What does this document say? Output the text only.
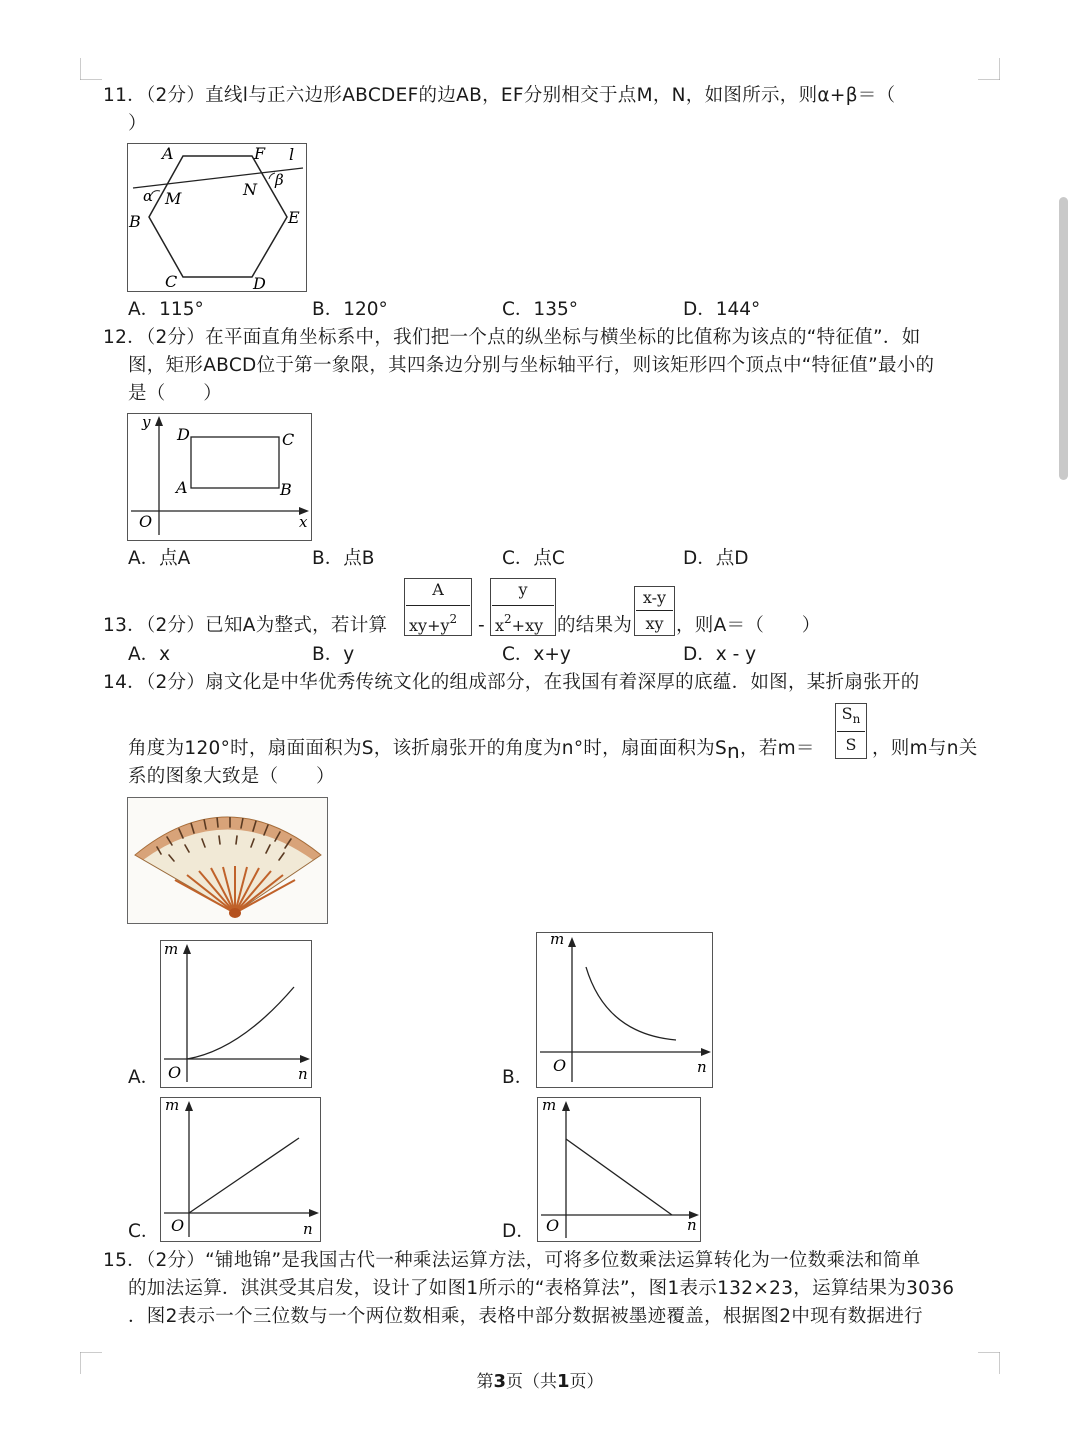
11．（2分）直线l与正六边形ABCDEF的边AB，EF分别相交于点M，N，如图所示，则α+β＝（
）
A	F l
α M	N β
B	E
C	D
A．115°	B．120°	C．135°	D．144°
12．（2分）在平面直角坐标系中，我们把一个点的纵坐标与横坐标的比值称为该点的“特征值”．如
图，矩形ABCD位于第一象限，其四条边分别与坐标轴平行，则该矩形四个顶点中“特征值”最小的
是（　　）
y
D	C
A	B
O	x
A．点A	B．点B	C．点C	D．点D
13．（2分）已知A为整式，若计算
A
$xy+y^2$ -
y
$x^2+xy$ 的结果为
x-y
xy ，则A＝（　　）
A．x	B．y	C．x+y	D．x - y
14．（2分）扇文化是中华优秀传统文化的组成部分，在我国有着深厚的底蕴．如图，某折扇张开的
角度为120°时，扇面面积为S，该折扇张开的角度为n°时，扇面面积为Sn，若m＝
$S_n$
S ，则m与n关
系的图象大致是（　　）
A．
m
O	n	B．
m
O	n
C．
m
O	n	D．
m
O	n
15．（2分）“铺地锦”是我国古代一种乘法运算方法，可将多位数乘法运算转化为一位数乘法和简单
的加法运算．淇淇受其启发，设计了如图1所示的“表格算法”，图1表示132×23，运算结果为3036
．图2表示一个三位数与一个两位数相乘，表格中部分数据被墨迹覆盖，根据图2中现有数据进行
第3页（共1页）
